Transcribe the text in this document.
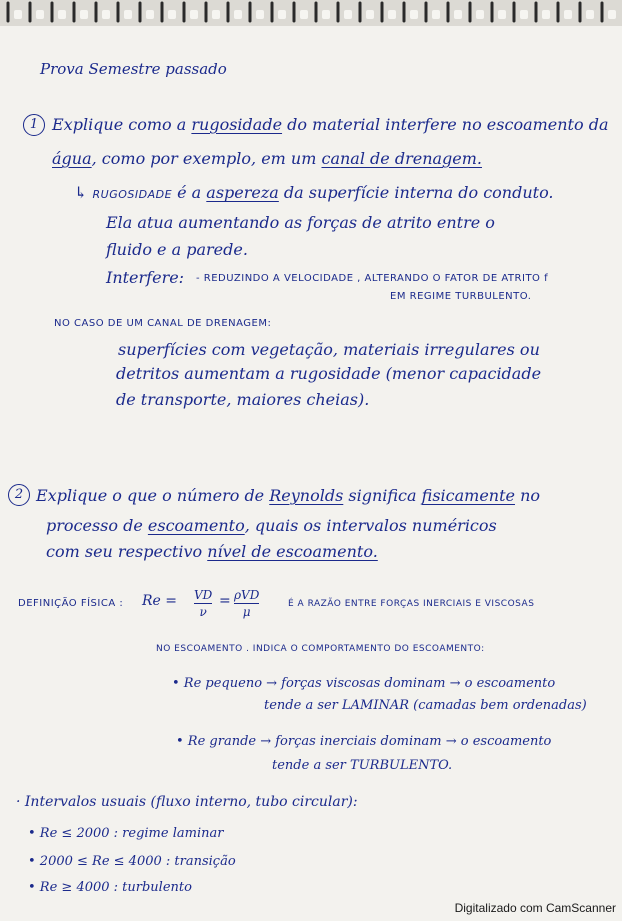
Prova Semestre passado
1 Explique como a rugosidade do material interfere no escoamento da
água, como por exemplo, em um canal de drenagem.
↳ RUGOSIDADE é a aspereza da superfície interna do conduto.
Ela atua aumentando as forças de atrito entre o
fluido e a parede.
Interfere: - REDUZINDO A VELOCIDADE , ALTERANDO O FATOR DE ATRITO f
EM REGIME TURBULENTO.
NO CASO DE UM CANAL DE DRENAGEM:
superfícies com vegetação, materiais irregulares ou
detritos aumentam a rugosidade (menor capacidade
de transporte, maiores cheias).
2 Explique o que o número de Reynolds significa fisicamente no
processo de escoamento, quais os intervalos numéricos
com seu respectivo nível de escoamento.
DEFINIÇÃO FÍSICA : Re = VD
ν
= ρVD
μ
É A RAZÃO ENTRE FORÇAS INERCIAIS E VISCOSAS
NO ESCOAMENTO . INDICA O COMPORTAMENTO DO ESCOAMENTO:
• Re pequeno → forças viscosas dominam → o escoamento
tende a ser LAMINAR (camadas bem ordenadas)
• Re grande → forças inerciais dominam → o escoamento
tende a ser TURBULENTO.
· Intervalos usuais (fluxo interno, tubo circular):
• Re ≤ 2000 : regime laminar
• 2000 ≤ Re ≤ 4000 : transição
• Re ≥ 4000 : turbulento
Digitalizado com CamScanner
